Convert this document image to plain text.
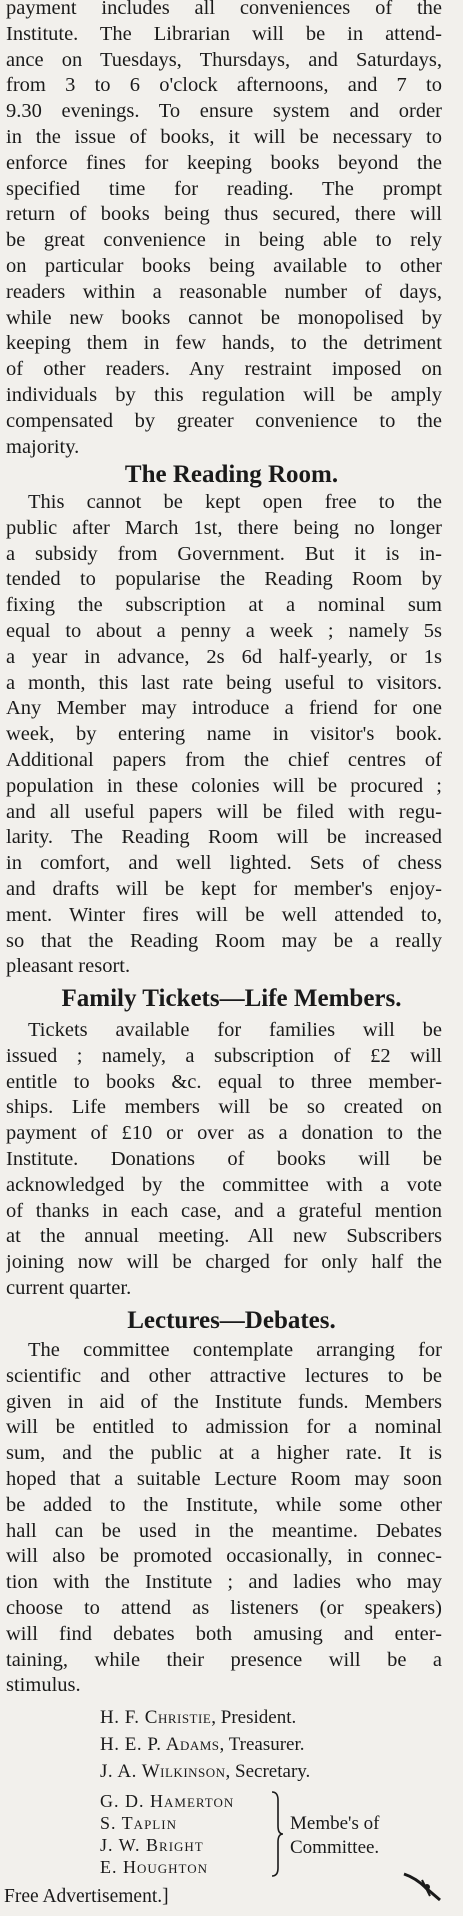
payment includes all conveniences of the
Institute. The Librarian will be in attend-
ance on Tuesdays, Thursdays, and Saturdays,
from 3 to 6 o'clock afternoons, and 7 to
9.30 evenings. To ensure system and order
in the issue of books, it will be necessary to
enforce fines for keeping books beyond the
specified time for reading. The prompt
return of books being thus secured, there will
be great convenience in being able to rely
on particular books being available to other
readers within a reasonable number of days,
while new books cannot be monopolised by
keeping them in few hands, to the detriment
of other readers. Any restraint imposed on
individuals by this regulation will be amply
compensated by greater convenience to the
majority.
The Reading Room.
This cannot be kept open free to the
public after March 1st, there being no longer
a subsidy from Government. But it is in-
tended to popularise the Reading Room by
fixing the subscription at a nominal sum
equal to about a penny a week ; namely 5s
a year in advance, 2s 6d half-yearly, or 1s
a month, this last rate being useful to visitors.
Any Member may introduce a friend for one
week, by entering name in visitor's book.
Additional papers from the chief centres of
population in these colonies will be procured ;
and all useful papers will be filed with regu-
larity. The Reading Room will be increased
in comfort, and well lighted. Sets of chess
and drafts will be kept for member's enjoy-
ment. Winter fires will be well attended to,
so that the Reading Room may be a really
pleasant resort.
Family Tickets—Life Members.
Tickets available for families will be
issued ; namely, a subscription of £2 will
entitle to books &c. equal to three member-
ships. Life members will be so created on
payment of £10 or over as a donation to the
Institute. Donations of books will be
acknowledged by the committee with a vote
of thanks in each case, and a grateful mention
at the annual meeting. All new Subscribers
joining now will be charged for only half the
current quarter.
Lectures—Debates.
The committee contemplate arranging for
scientific and other attractive lectures to be
given in aid of the Institute funds. Members
will be entitled to admission for a nominal
sum, and the public at a higher rate. It is
hoped that a suitable Lecture Room may soon
be added to the Institute, while some other
hall can be used in the meantime. Debates
will also be promoted occasionally, in connec-
tion with the Institute ; and ladies who may
choose to attend as listeners (or speakers)
will find debates both amusing and enter-
taining, while their presence will be a
stimulus.

H. F. Christie, President.

H. E. P. Adams, Treasurer.

J. A. Wilkinson, Secretary.

G. D. Hamerton
S. Taplin
J. W. Bright
E. Houghton
Membe's of
Committee.

Free Advertisement.]
